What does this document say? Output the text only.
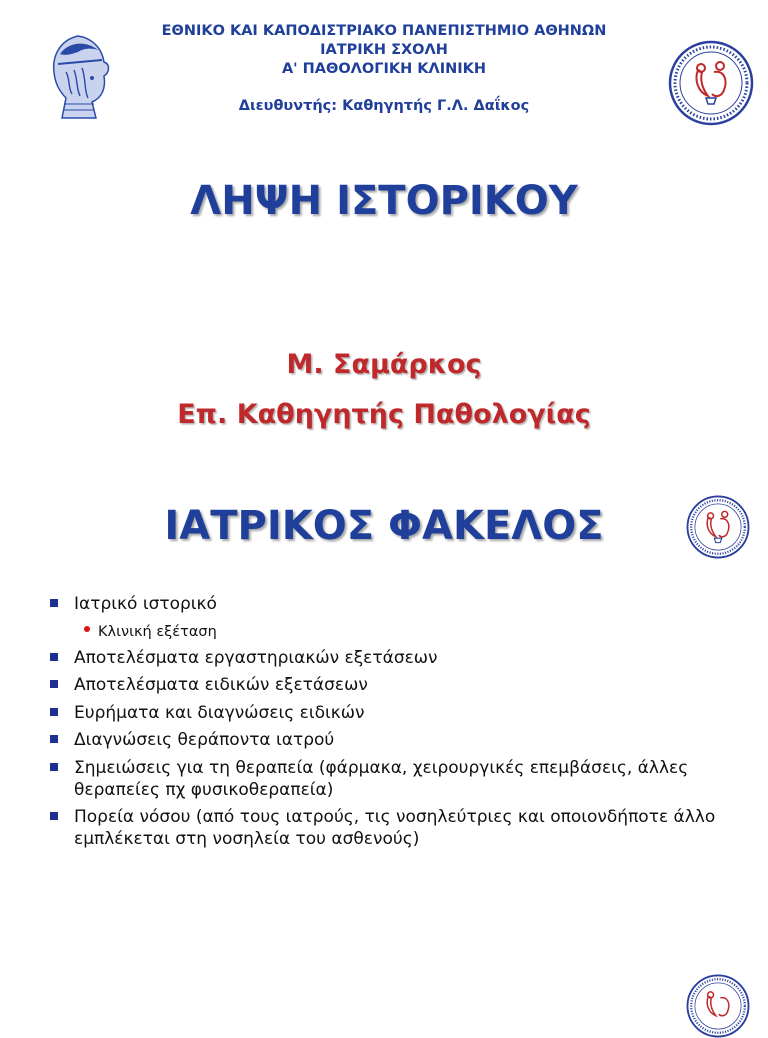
ΕΘΝΙΚΟ ΚΑΙ ΚΑΠΟΔΙΣΤΡΙΑΚΟ ΠΑΝΕΠΙΣΤΗΜΙΟ ΑΘΗΝΩΝ
ΙΑΤΡΙΚΗ ΣΧΟΛΗ
Α' ΠΑΘΟΛΟΓΙΚΗ ΚΛΙΝΙΚΗ
Διευθυντής: Καθηγητής Γ.Λ. Δαΐκος
ΛΗΨΗ ΙΣΤΟΡΙΚΟΥ
Μ. Σαμάρκος
Επ. Καθηγητής Παθολογίας
ΙΑΤΡΙΚΟΣ ΦΑΚΕΛΟΣ
Ιατρικό ιστορικό
Κλινική εξέταση
Αποτελέσματα εργαστηριακών εξετάσεων
Αποτελέσματα ειδικών εξετάσεων
Ευρήματα και διαγνώσεις ειδικών
Διαγνώσεις θεράποντα ιατρού
Σημειώσεις για τη θεραπεία (φάρμακα, χειρουργικές επεμβάσεις, άλλες θεραπείες πχ φυσικοθεραπεία)
Πορεία νόσου (από τους ιατρούς, τις νοσηλεύτριες και οποιονδήποτε άλλο εμπλέκεται στη νοσηλεία του ασθενούς)
